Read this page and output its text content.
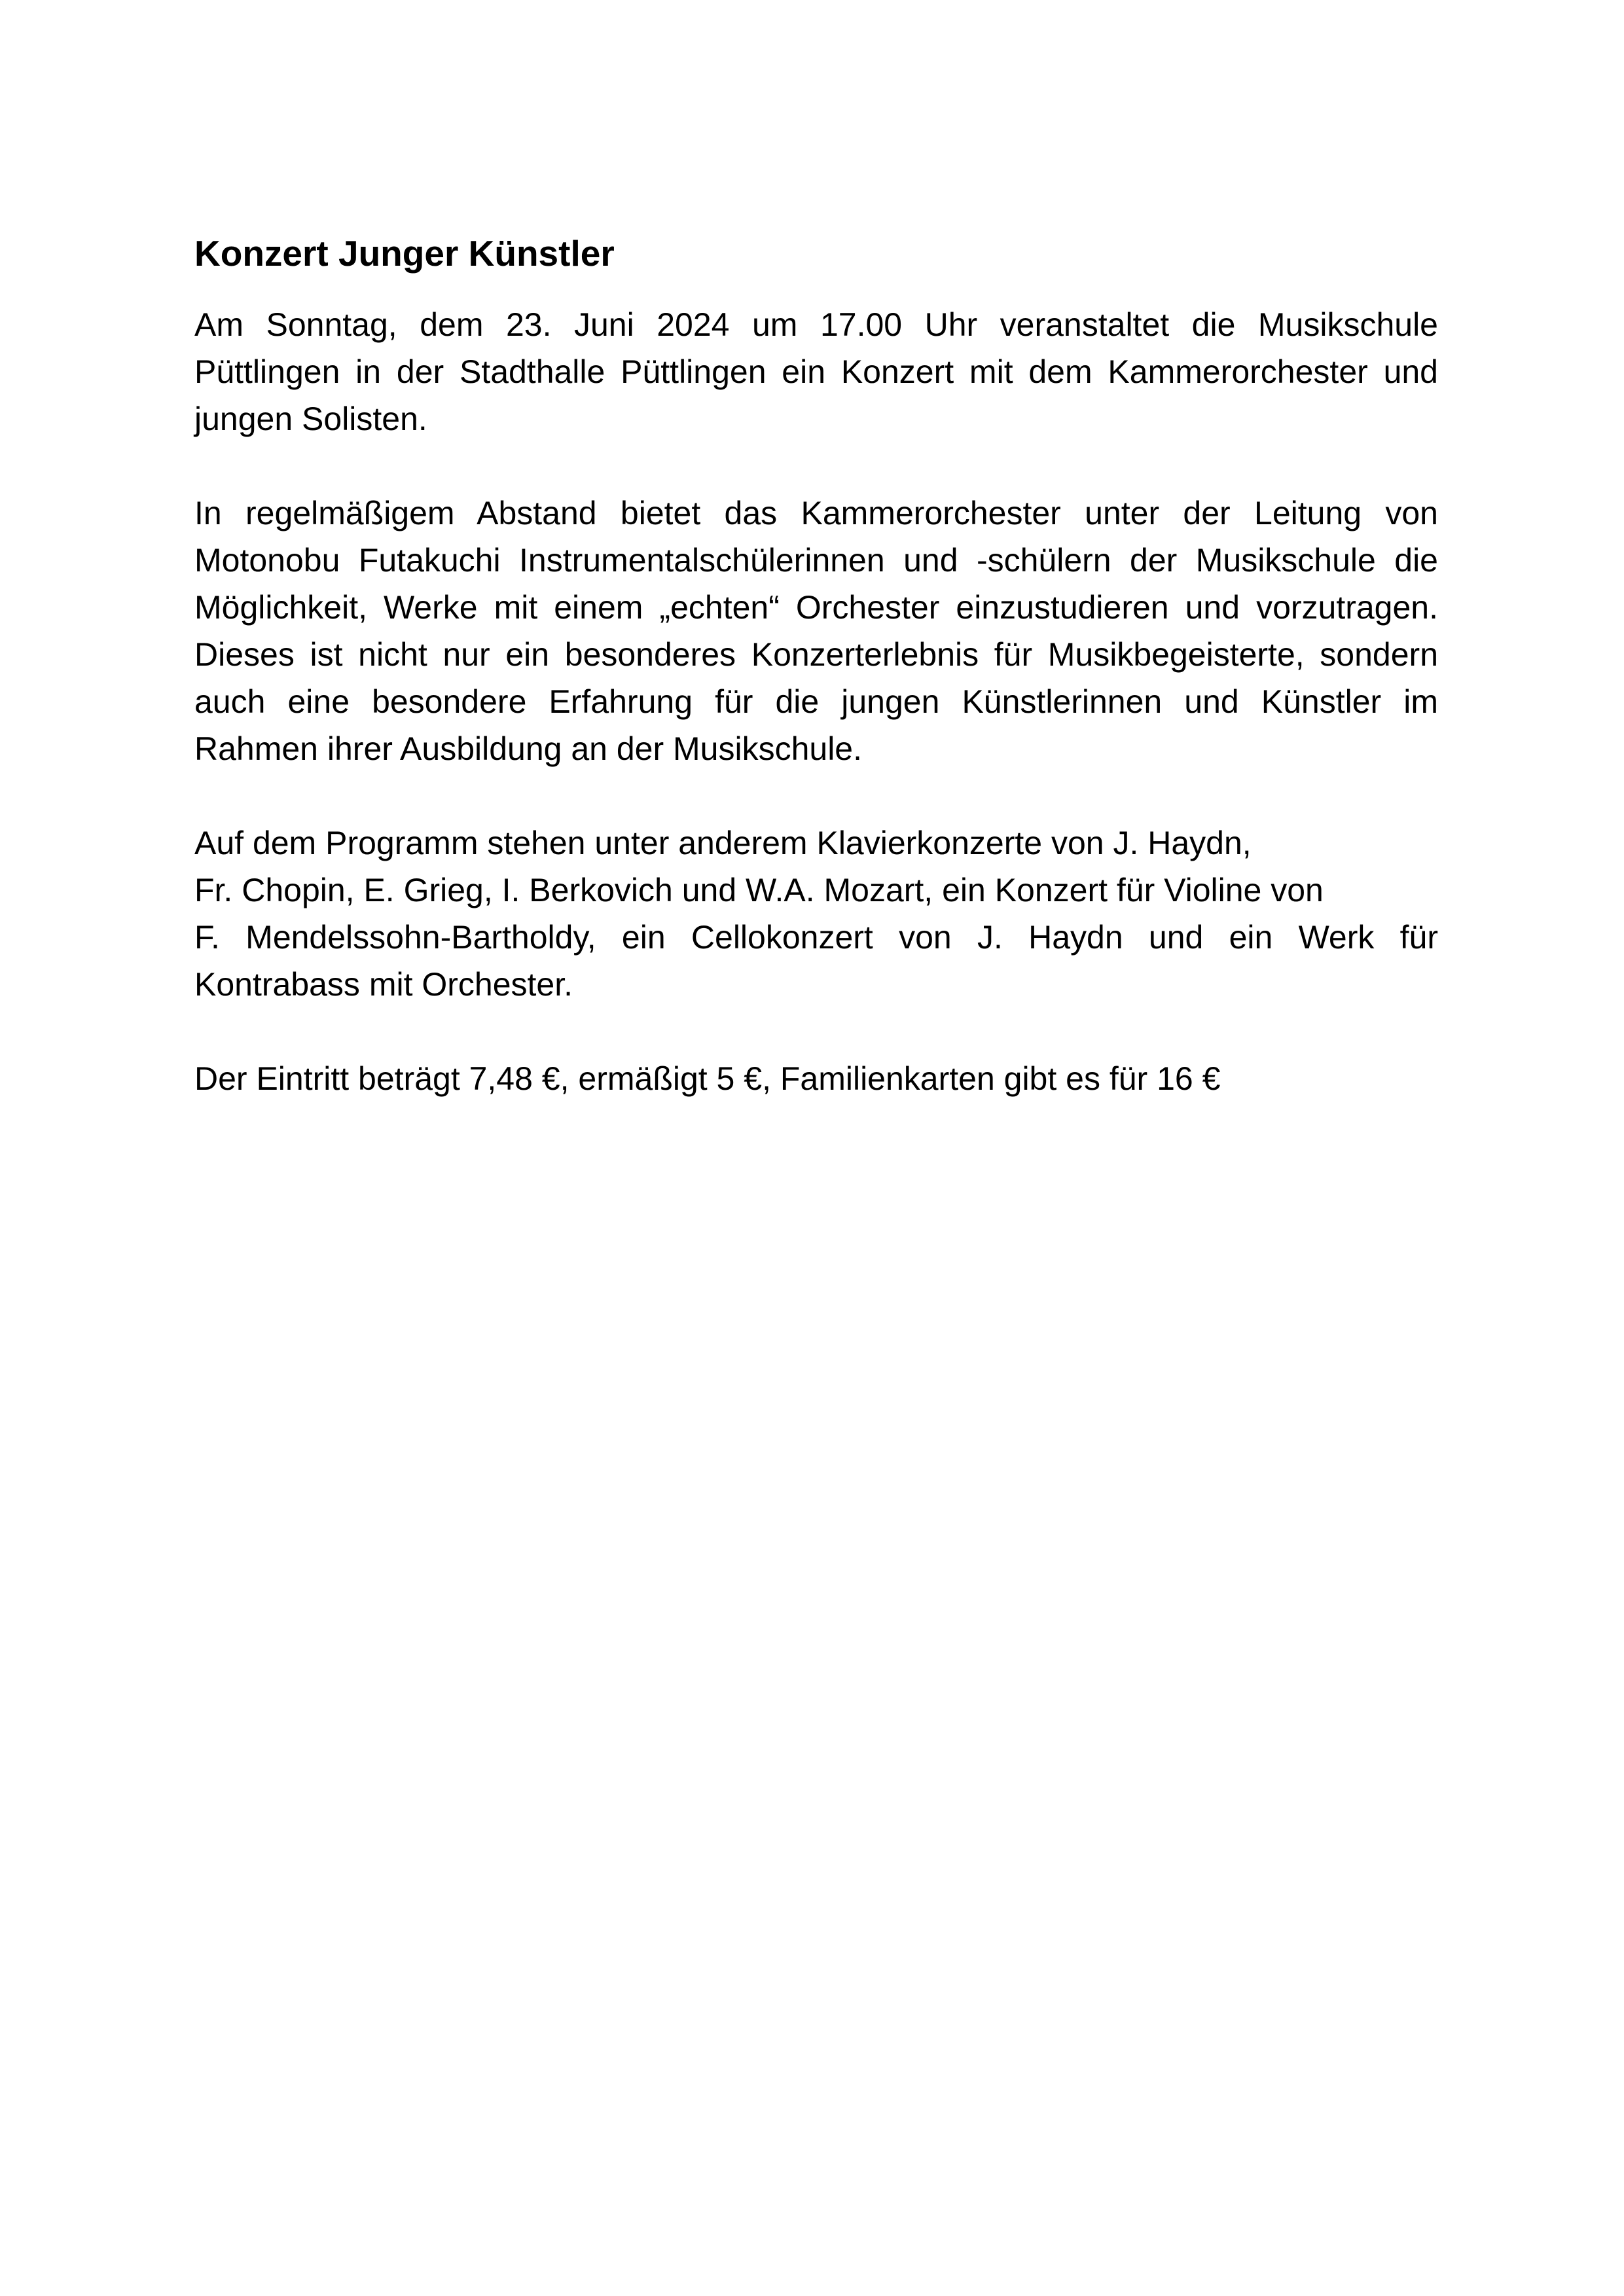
Konzert Junger Künstler

Am Sonntag, dem 23. Juni 2024 um 17.00 Uhr veranstaltet die Musikschule Püttlingen in der Stadthalle Püttlingen ein Konzert mit dem Kammerorchester und jungen Solisten.

In regelmäßigem Abstand bietet das Kammerorchester unter der Leitung von Motonobu Futakuchi Instrumentalschülerinnen und -schülern der Musikschule die Möglichkeit, Werke mit einem „echten“ Orchester einzustudieren und vorzutragen. Dieses ist nicht nur ein besonderes Konzerterlebnis für Musikbegeisterte, sondern auch eine besondere Erfahrung für die jungen Künstlerinnen und Künstler im Rahmen ihrer Ausbildung an der Musikschule.

Auf dem Programm stehen unter anderem Klavierkonzerte von J. Haydn,
Fr. Chopin, E. Grieg, I. Berkovich und W.A. Mozart, ein Konzert für Violine von
F. Mendelssohn-Bartholdy, ein Cellokonzert von J. Haydn und ein Werk für
Kontrabass mit Orchester.

Der Eintritt beträgt 7,48 €, ermäßigt 5 €, Familienkarten gibt es für 16 €
